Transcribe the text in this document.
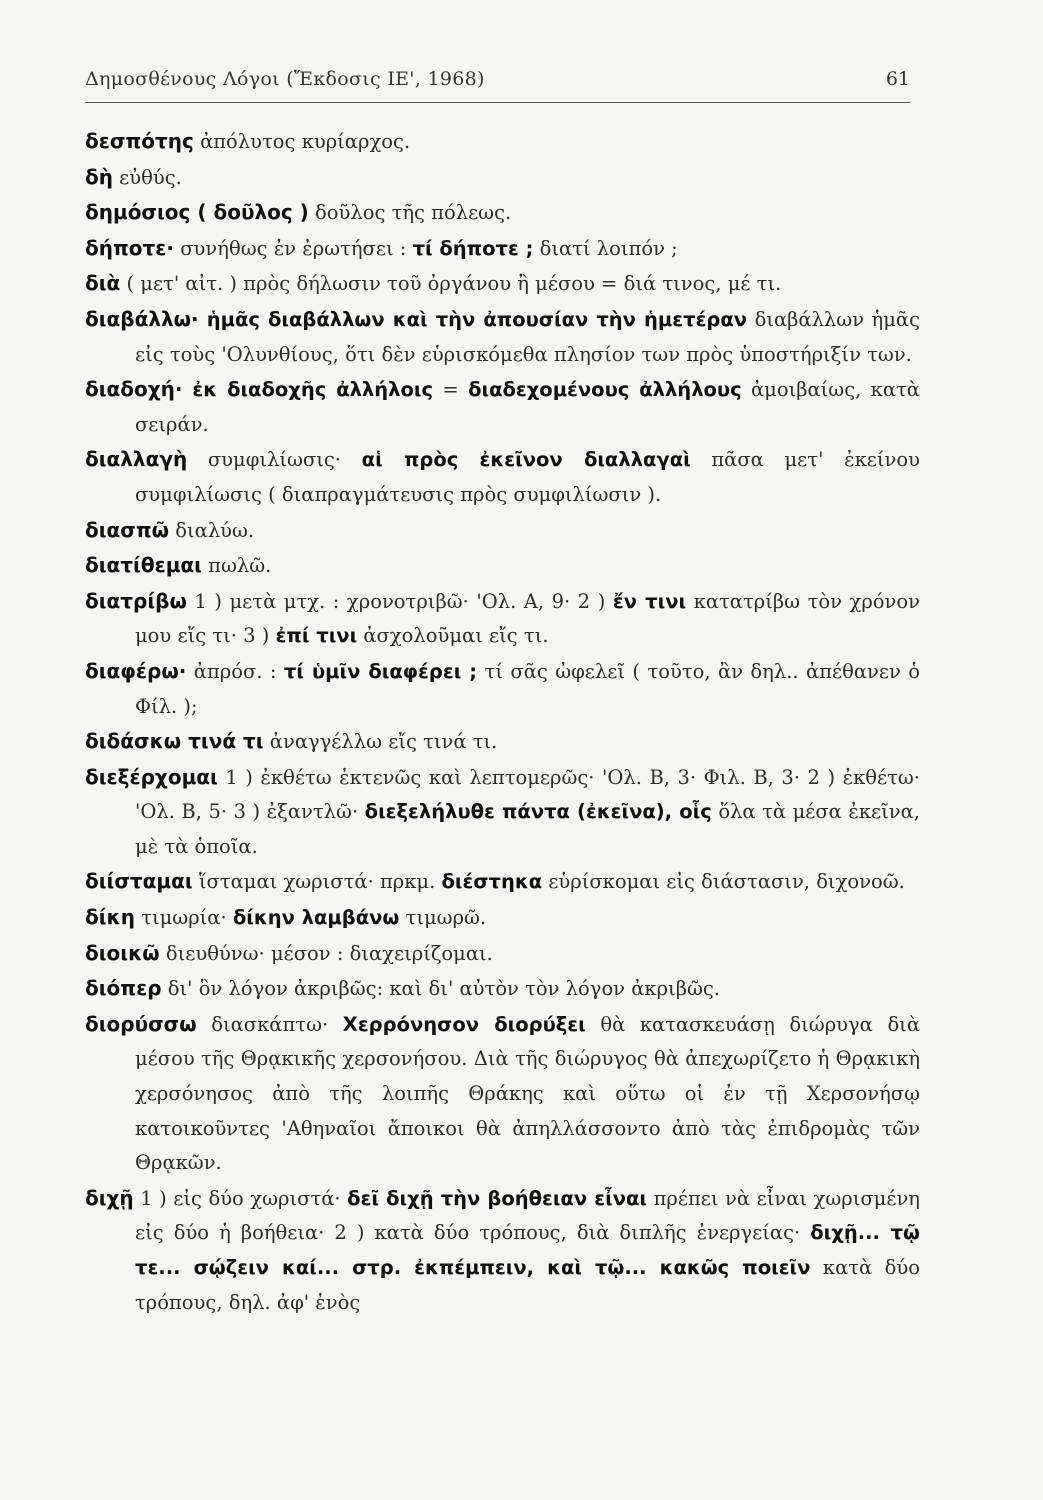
Δημοσθένους Λόγοι (Ἔκδοσις ΙΕ', 1968)	61
δεσπότης ἀπόλυτος κυρίαρχος.
δὴ εὐθύς.
δημόσιος ( δοῦλος ) δοῦλος τῆς πόλεως.
δήποτε· συνήθως ἐν ἐρωτήσει : τί δήποτε ; διατί λοιπόν ;
διὰ ( μετ' αἰτ. ) πρὸς δήλωσιν τοῦ ὀργάνου ἢ μέσου = διά τινος, μέ τι.
διαβάλλω· ἡμᾶς διαβάλλων καὶ τὴν ἀπουσίαν τὴν ἡμετέραν διαβάλλων ἡμᾶς εἰς τοὺς 'Ολυνθίους, ὅτι δὲν εὑρισκόμεθα πλησίον των πρὸς ὑποστήριξίν των.
διαδοχή· ἐκ διαδοχῆς ἀλλήλοις = διαδεχομένους ἀλλήλους ἀμοιβαίως, κατὰ σειράν.
διαλλαγὴ συμφιλίωσις· αἱ πρὸς ἐκεῖνον διαλλαγαὶ πᾶσα μετ' ἐκείνου συμφιλίωσις ( διαπραγμάτευσις πρὸς συμφιλίωσιν ).
διασπῶ διαλύω.
διατίθεμαι πωλῶ.
διατρίβω 1 ) μετὰ μτχ. : χρονοτριβῶ· 'Ολ. Α, 9· 2 ) ἔν τινι κατατρίβω τὸν χρόνον μου εἴς τι· 3 ) ἐπί τινι ἀσχολοῦμαι εἴς τι.
διαφέρω· ἀπρόσ. : τί ὑμῖν διαφέρει ; τί σᾶς ὠφελεῖ ( τοῦτο, ἂν δηλ.. ἀπέθανεν ὁ Φίλ. );
διδάσκω τινά τι ἀναγγέλλω εἴς τινά τι.
διεξέρχομαι 1 ) ἐκθέτω ἐκτενῶς καὶ λεπτομερῶς· 'Ολ. Β, 3· Φιλ. Β, 3· 2 ) ἐκθέτω· 'Ολ. Β, 5· 3 ) ἐξαντλῶ· διεξελήλυθε πάντα (ἐκεῖνα), οἷς ὅλα τὰ μέσα ἐκεῖνα, μὲ τὰ ὁποῖα.
διίσταμαι ἵσταμαι χωριστά· πρκμ. διέστηκα εὑρίσκομαι εἰς διάστασιν, διχονοῶ.
δίκη τιμωρία· δίκην λαμβάνω τιμωρῶ.
διοικῶ διευθύνω· μέσον : διαχειρίζομαι.
διόπερ δι' ὃν λόγον ἀκριβῶς: καὶ δι' αὐτὸν τὸν λόγον ἀκριβῶς.
διορύσσω διασκάπτω· Χερρόνησον διορύξει θὰ κατασκευάσῃ διώρυγα διὰ μέσου τῆς Θρᾳκικῆς χερσονήσου. Διὰ τῆς διώρυγος θὰ ἀπεχωρίζετο ἡ Θρᾳκικὴ χερσόνησος ἀπὸ τῆς λοιπῆς Θράκης καὶ οὕτω οἱ ἐν τῇ Χερσονήσῳ κατοικοῦντες 'Αθηναῖοι ἄποικοι θὰ ἀπηλλάσσοντο ἀπὸ τὰς ἐπιδρομὰς τῶν Θρᾳκῶν.
διχῇ 1 ) εἰς δύο χωριστά· δεῖ διχῇ τὴν βοήθειαν εἶναι πρέπει νὰ εἶναι χωρισμένη εἰς δύο ἡ βοήθεια· 2 ) κατὰ δύο τρόπους, διὰ διπλῆς ἐνεργείας· διχῇ... τῷ τε... σῴζειν καί... στρ. ἐκπέμπειν, καὶ τῷ... κακῶς ποιεῖν κατὰ δύο τρόπους, δηλ. ἀφ' ἑνὸς
